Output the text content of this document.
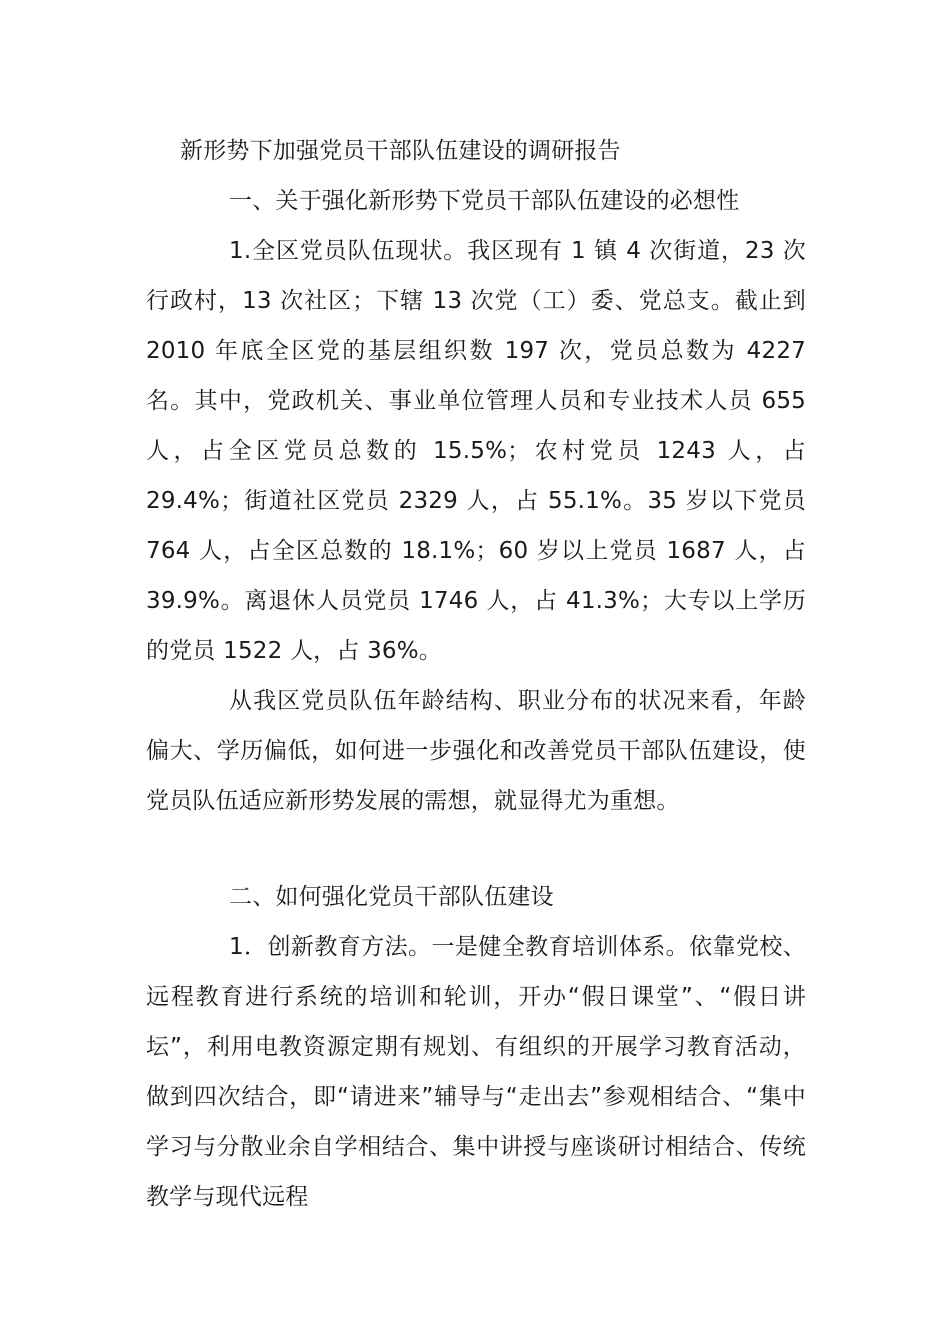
新形势下加强党员干部队伍建设的调研报告
一、关于强化新形势下党员干部队伍建设的必想性

1.全区党员队伍现状。我区现有 1 镇 4 次街道，23 次行政村，13 次社区；下辖 13 次党（工）委、党总支。截止到 2010 年底全区党的基层组织数 197 次，党员总数为 4227 名。其中，党政机关、事业单位管理人员和专业技术人员 655 人，占全区党员总数的 15.5%；农村党员 1243 人，占 29.4%；街道社区党员 2329 人，占 55.1%。35 岁以下党员 764 人，占全区总数的 18.1%；60 岁以上党员 1687 人，占 39.9%。离退休人员党员 1746 人，占 41.3%；大专以上学历的党员 1522 人，占 36%。

从我区党员队伍年龄结构、职业分布的状况来看，年龄偏大、学历偏低，如何进一步强化和改善党员干部队伍建设，使党员队伍适应新形势发展的需想，就显得尤为重想。

二、如何强化党员干部队伍建设

1．创新教育方法。一是健全教育培训体系。依靠党校、远程教育进行系统的培训和轮训，开办“假日课堂”、“假日讲坛”，利用电教资源定期有规划、有组织的开展学习教育活动，做到四次结合，即“请进来”辅导与“走出去”参观相结合、“集中学习与分散业余自学相结合、集中讲授与座谈研讨相结合、传统教学与现代远程
